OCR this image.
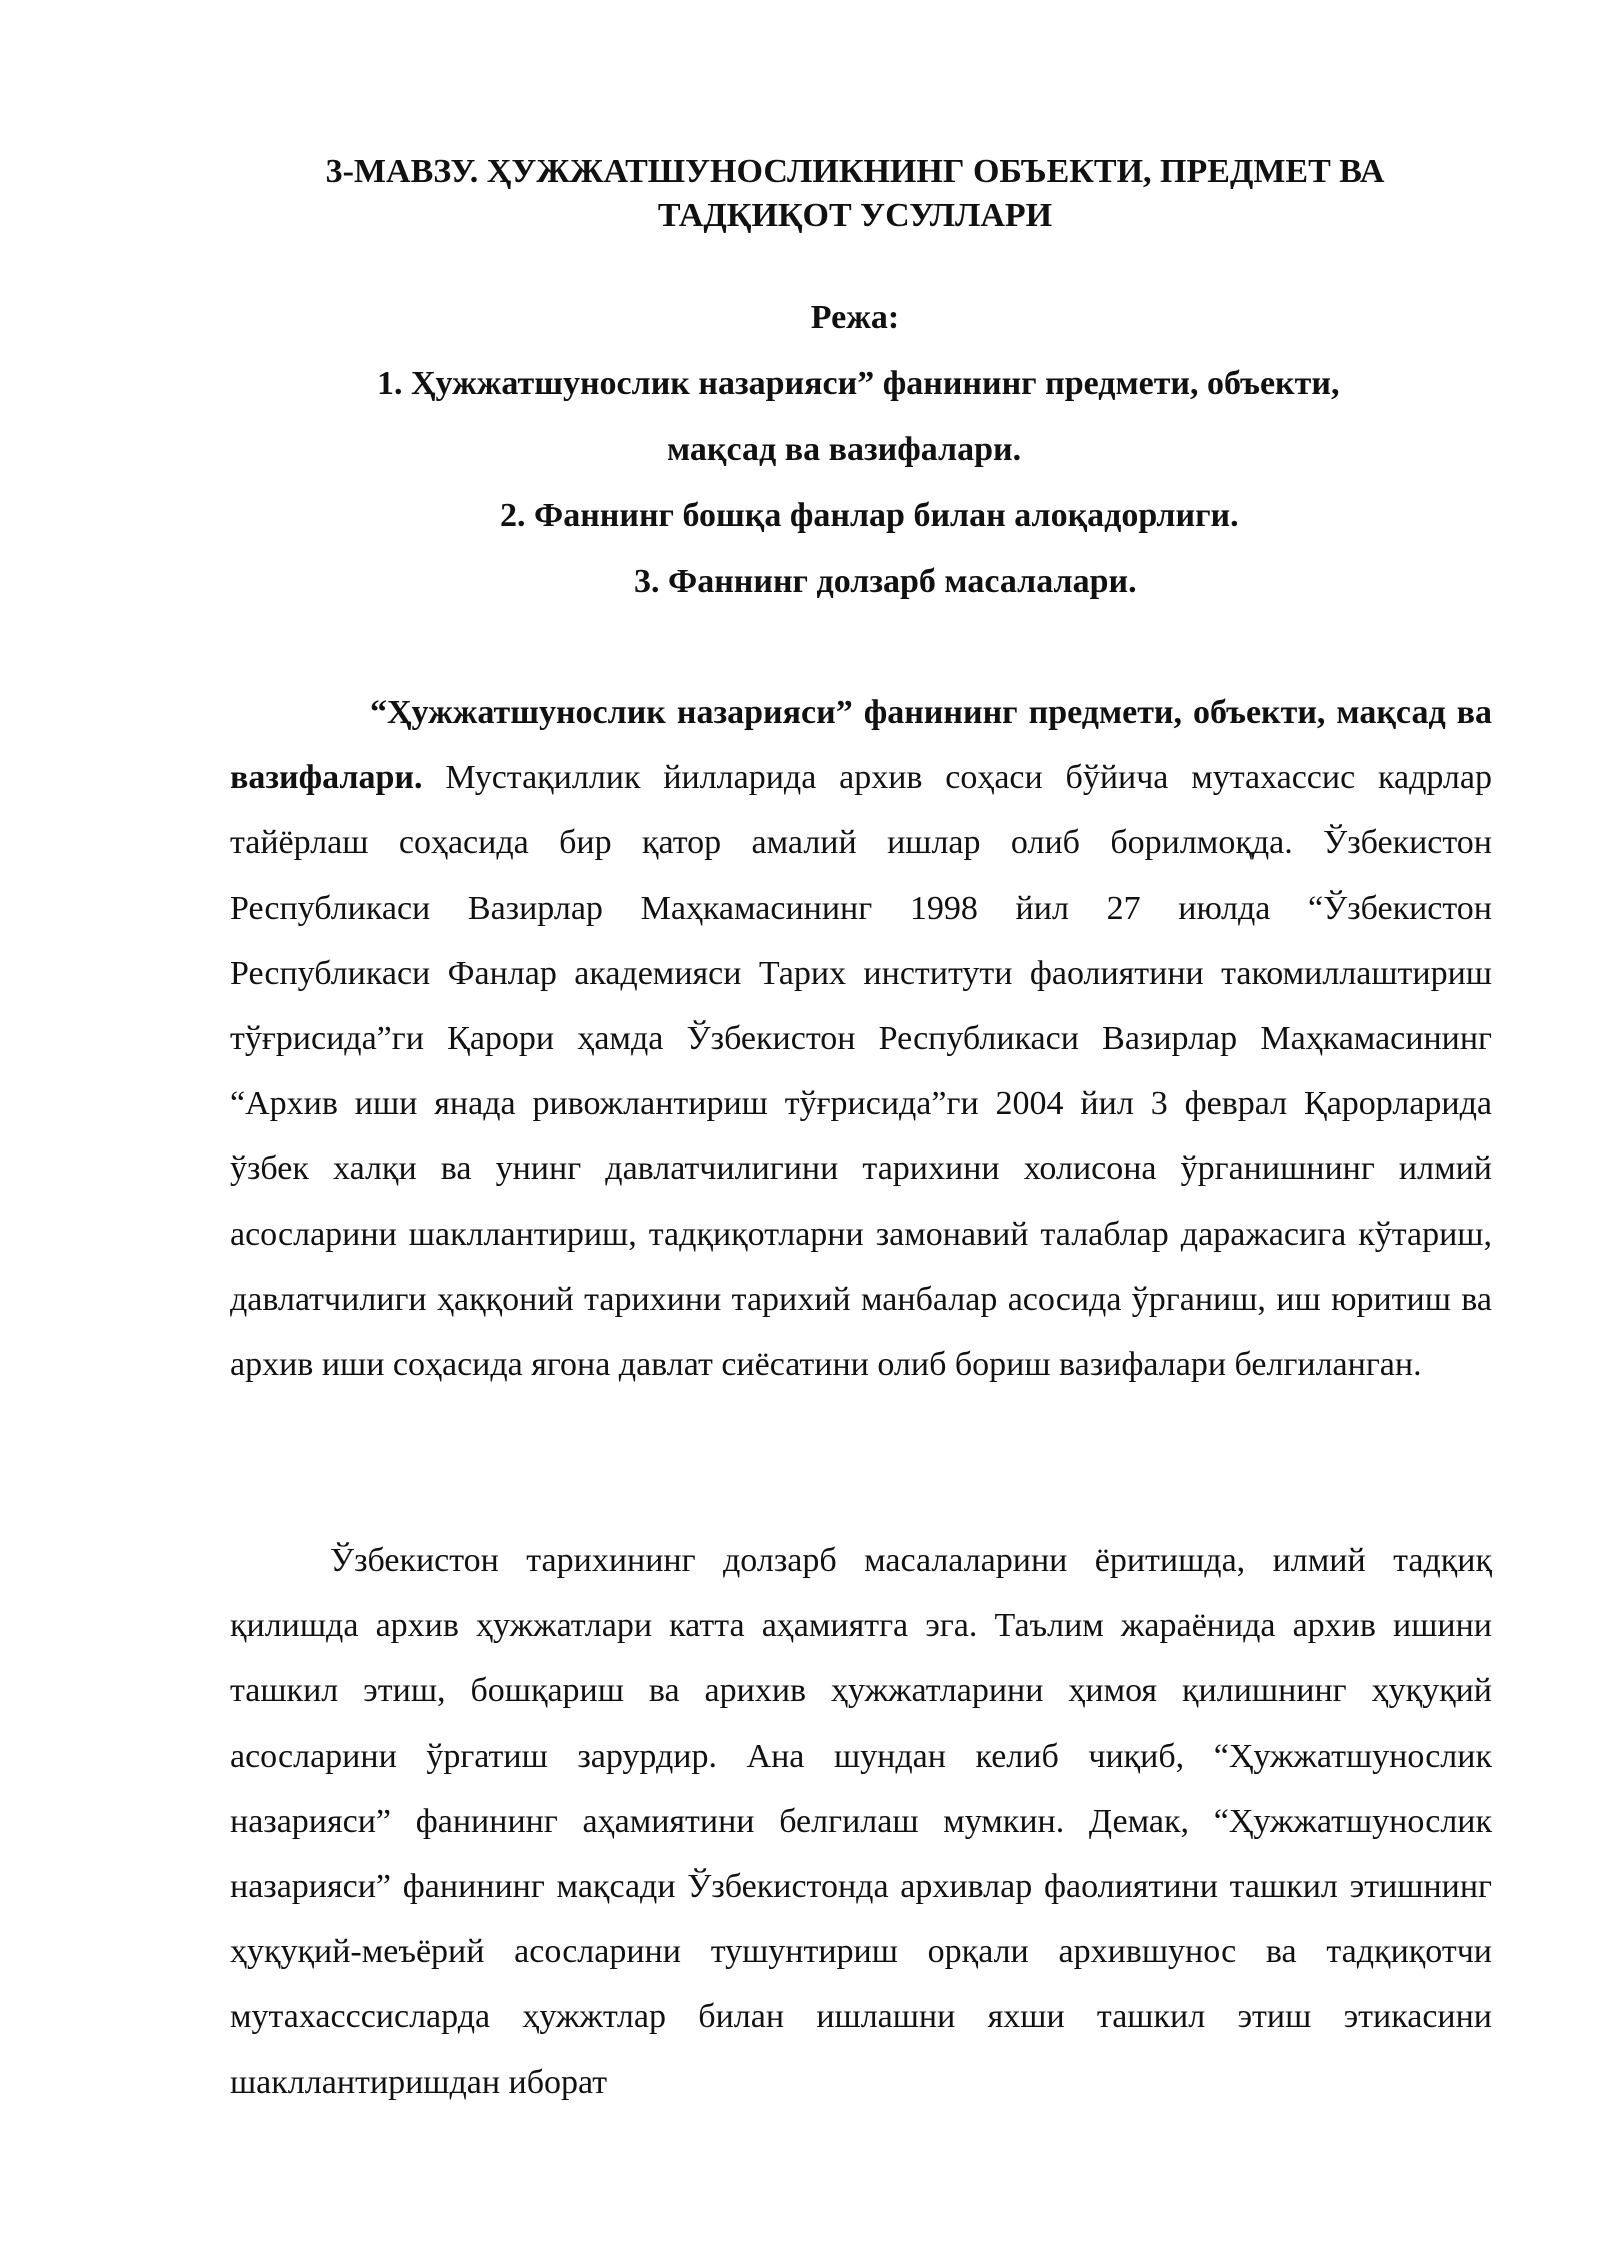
3-МАВЗУ. ҲУЖЖАТШУНОСЛИКНИНГ ОБЪЕКТИ, ПРЕДМЕТ ВА
ТАДҚИҚОТ УСУЛЛАРИ
Режа:
1. Ҳужжатшунослик назарияси” фанининг предмети, объекти,
мақсад ва вазифалари.
2. Фаннинг бошқа фанлар билан алоқадорлиги.
3. Фаннинг долзарб масалалари.

“Ҳужжатшунослик назарияси” фанининг предмети, объекти, мақсад ва вазифалари. Мустақиллик йилларида архив соҳаси бўйича мутахассис кадрлар тайёрлаш соҳасида бир қатор амалий ишлар олиб борилмоқда. Ўзбекистон Республикаси Вазирлар Маҳкамасининг 1998 йил 27 июлда “Ўзбекистон Республикаси Фанлар академияси Тарих институти фаолиятини такомиллаштириш тўғрисида”ги Қарори ҳамда Ўзбекистон Республикаси Вазирлар Маҳкамасининг “Архив иши янада ривожлантириш тўғрисида”ги 2004 йил 3 феврал Қарорларида ўзбек халқи ва унинг давлатчилигини тарихини холисона ўрганишнинг илмий асосларини шакллантириш, тадқиқотларни замонавий талаблар даражасига кўтариш, давлатчилиги ҳаққоний тарихини тарихий манбалар асосида ўрганиш, иш юритиш ва архив иши соҳасида ягона давлат сиёсатини олиб бориш вазифалари белгиланган.

Ўзбекистон тарихининг долзарб масалаларини ёритишда, илмий тадқиқ қилишда архив ҳужжатлари катта аҳамиятга эга. Таълим жараёнида архив ишини ташкил этиш, бошқариш ва арихив ҳужжатларини ҳимоя қилишнинг ҳуқуқий асосларини ўргатиш зарурдир. Ана шундан келиб чиқиб, “Ҳужжатшунослик назарияси” фанининг аҳамиятини белгилаш мумкин. Демак, “Ҳужжатшунослик назарияси” фанининг мақсади Ўзбекистонда архивлар фаолиятини ташкил этишнинг ҳуқуқий-меъёрий асосларини тушунтириш орқали архившунос ва тадқиқотчи мутахасссисларда ҳужжтлар билан ишлашни яхши ташкил этиш этикасини шакллантиришдан иборат
